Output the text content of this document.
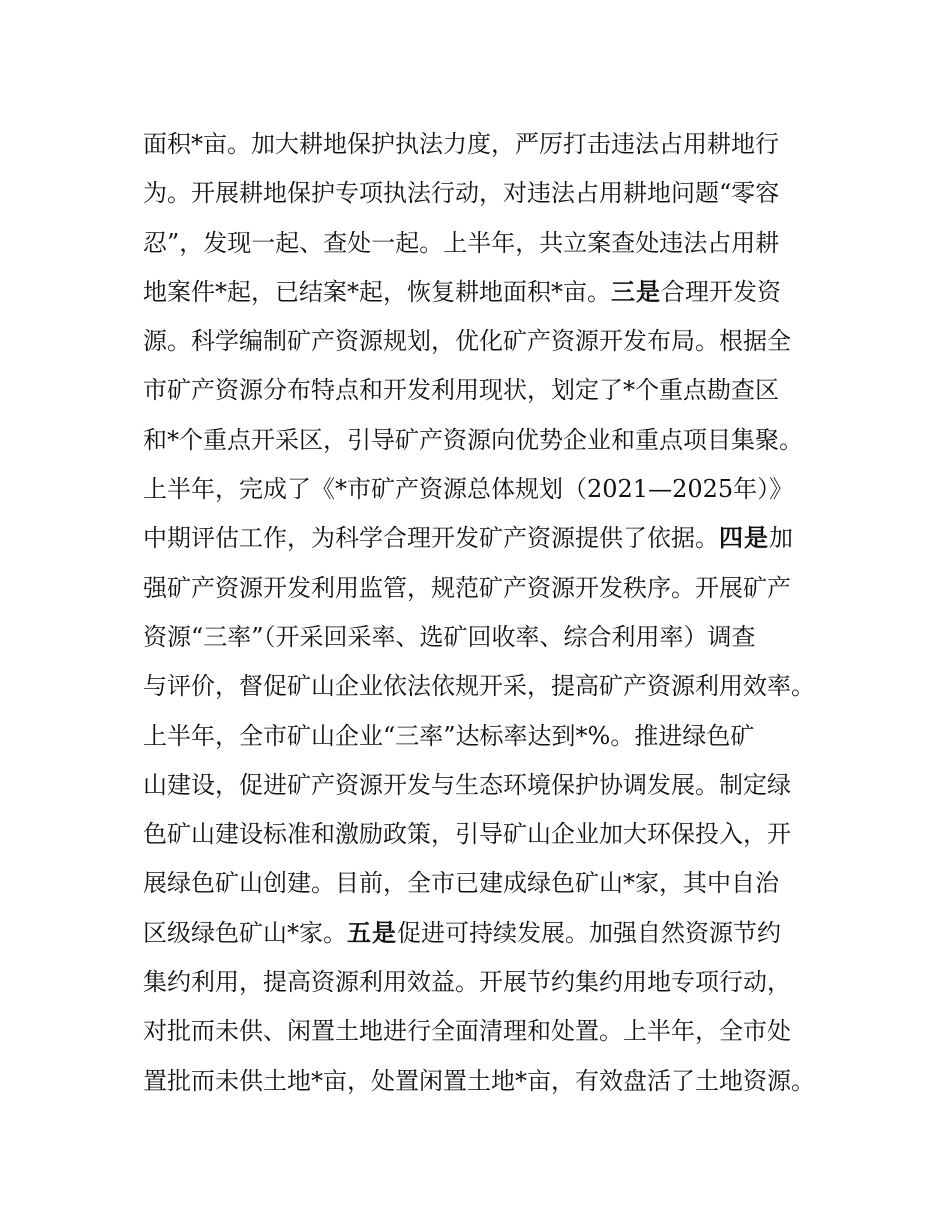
面积*亩。加大耕地保护执法力度，严厉打击违法占用耕地行
为。开展耕地保护专项执法行动，对违法占用耕地问题“零容
忍”，发现一起、查处一起。上半年，共立案查处违法占用耕
地案件*起，已结案*起，恢复耕地面积*亩。三是合理开发资
源。科学编制矿产资源规划，优化矿产资源开发布局。根据全
市矿产资源分布特点和开发利用现状，划定了*个重点勘查区
和*个重点开采区，引导矿产资源向优势企业和重点项目集聚。
上半年，完成了《*市矿产资源总体规划（2021—2025年）》
中期评估工作，为科学合理开发矿产资源提供了依据。四是加
强矿产资源开发利用监管，规范矿产资源开发秩序。开展矿产
资源“三率”（开采回采率、选矿回收率、综合利用率）调查
与评价，督促矿山企业依法依规开采，提高矿产资源利用效率。
上半年，全市矿山企业“三率”达标率达到*%。推进绿色矿
山建设，促进矿产资源开发与生态环境保护协调发展。制定绿
色矿山建设标准和激励政策，引导矿山企业加大环保投入，开
展绿色矿山创建。目前，全市已建成绿色矿山*家，其中自治
区级绿色矿山*家。五是促进可持续发展。加强自然资源节约
集约利用，提高资源利用效益。开展节约集约用地专项行动，
对批而未供、闲置土地进行全面清理和处置。上半年，全市处
置批而未供土地*亩，处置闲置土地*亩，有效盘活了土地资源。
